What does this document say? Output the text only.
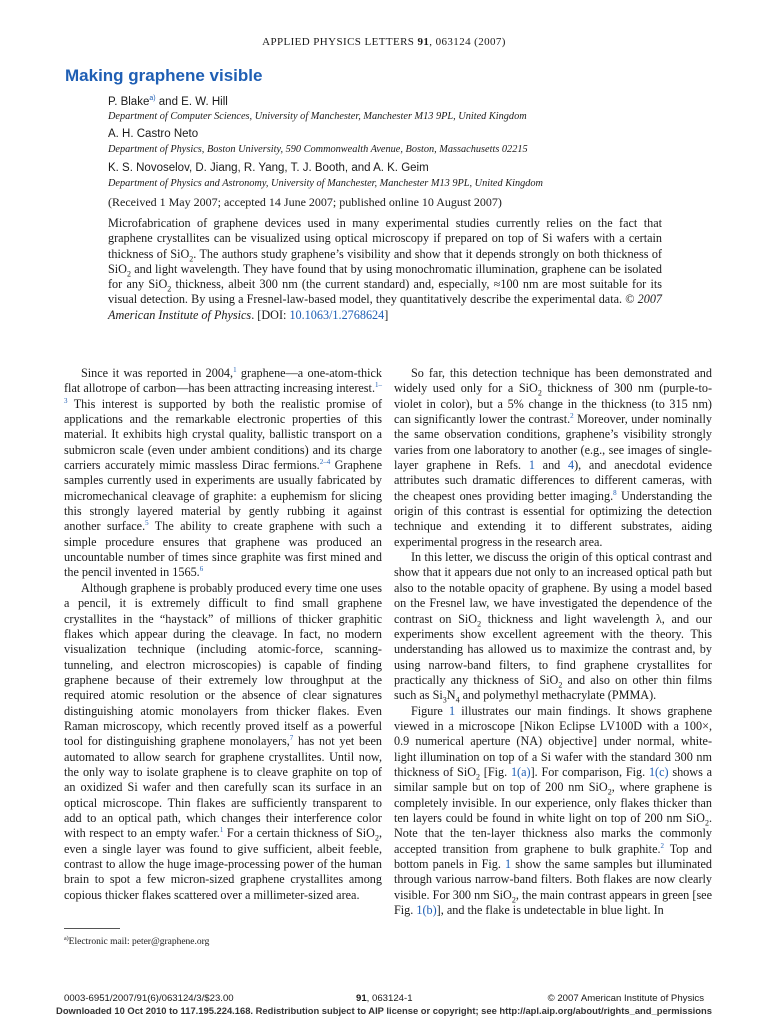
APPLIED PHYSICS LETTERS 91, 063124 (2007)
Making graphene visible
P. Blake$^{a)}$ and E. W. Hill
Department of Computer Sciences, University of Manchester, Manchester M13 9PL, United Kingdom
A. H. Castro Neto
Department of Physics, Boston University, 590 Commonwealth Avenue, Boston, Massachusetts 02215
K. S. Novoselov, D. Jiang, R. Yang, T. J. Booth, and A. K. Geim
Department of Physics and Astronomy, University of Manchester, Manchester M13 9PL, United Kingdom
(Received 1 May 2007; accepted 14 June 2007; published online 10 August 2007)
Microfabrication of graphene devices used in many experimental studies currently relies on the fact that graphene crystallites can be visualized using optical microscopy if prepared on top of Si wafers with a certain thickness of SiO$_2$. The authors study graphene’s visibility and show that it depends strongly on both thickness of SiO$_2$ and light wavelength. They have found that by using monochromatic illumination, graphene can be isolated for any SiO$_2$ thickness, albeit 300 nm (the current standard) and, especially, ≈100 nm are most suitable for its visual detection. By using a Fresnel-law-based model, they quantitatively describe the experimental data. © 2007 American Institute of Physics. [DOI: 10.1063/1.2768624]

Since it was reported in 2004,$^1$ graphene—a one-atom-thick flat allotrope of carbon—has been attracting increasing interest.$^{1-3}$ This interest is supported by both the realistic promise of applications and the remarkable electronic properties of this material. It exhibits high crystal quality, ballistic transport on a submicron scale (even under ambient conditions) and its charge carriers accurately mimic massless Dirac fermions.$^{2-4}$ Graphene samples currently used in experiments are usually fabricated by micromechanical cleavage of graphite: a euphemism for slicing this strongly layered material by gently rubbing it against another surface.$^5$ The ability to create graphene with such a simple procedure ensures that graphene was produced an uncountable number of times since graphite was first mined and the pencil invented in 1565.$^6$

Although graphene is probably produced every time one uses a pencil, it is extremely difficult to find small graphene crystallites in the “haystack” of millions of thicker graphitic flakes which appear during the cleavage. In fact, no modern visualization technique (including atomic-force, scanning-tunneling, and electron microscopies) is capable of finding graphene because of their extremely low throughput at the required atomic resolution or the absence of clear signatures distinguishing atomic monolayers from thicker flakes. Even Raman microscopy, which recently proved itself as a powerful tool for distinguishing graphene monolayers,$^7$ has not yet been automated to allow search for graphene crystallites. Until now, the only way to isolate graphene is to cleave graphite on top of an oxidized Si wafer and then carefully scan its surface in an optical microscope. Thin flakes are sufficiently transparent to add to an optical path, which changes their interference color with respect to an empty wafer.$^1$ For a certain thickness of SiO$_2$, even a single layer was found to give sufficient, albeit feeble, contrast to allow the huge image-processing power of the human brain to spot a few micron-sized graphene crystallites among copious thicker flakes scattered over a millimeter-sized area.

So far, this detection technique has been demonstrated and widely used only for a SiO$_2$ thickness of 300 nm (purple-to-violet in color), but a 5% change in the thickness (to 315 nm) can significantly lower the contrast.$^2$ Moreover, under nominally the same observation conditions, graphene’s visibility strongly varies from one laboratory to another (e.g., see images of single-layer graphene in Refs. 1 and 4), and anecdotal evidence attributes such dramatic differences to different cameras, with the cheapest ones providing better imaging.$^8$ Understanding the origin of this contrast is essential for optimizing the detection technique and extending it to different substrates, aiding experimental progress in the research area.

In this letter, we discuss the origin of this optical contrast and show that it appears due not only to an increased optical path but also to the notable opacity of graphene. By using a model based on the Fresnel law, we have investigated the dependence of the contrast on SiO$_2$ thickness and light wavelength λ, and our experiments show excellent agreement with the theory. This understanding has allowed us to maximize the contrast and, by using narrow-band filters, to find graphene crystallites for practically any thickness of SiO$_2$ and also on other thin films such as $Si_3N_4$ and polymethyl methacrylate (PMMA).

Figure 1 illustrates our main findings. It shows graphene viewed in a microscope [Nikon Eclipse LV100D with a 100×, 0.9 numerical aperture (NA) objective] under normal, white-light illumination on top of a Si wafer with the standard 300 nm thickness of SiO$_2$ [Fig. 1(a)]. For comparison, Fig. 1(c) shows a similar sample but on top of 200 nm SiO$_2$, where graphene is completely invisible. In our experience, only flakes thicker than ten layers could be found in white light on top of 200 nm SiO$_2$. Note that the ten-layer thickness also marks the commonly accepted transition from graphene to bulk graphite.$^2$ Top and bottom panels in Fig. 1 show the same samples but illuminated through various narrow-band filters. Both flakes are now clearly visible. For 300 nm SiO$_2$, the main contrast appears in green [see Fig. 1(b)], and the flake is undetectable in blue light. In

$^{a)}$Electronic mail: peter@graphene.org
0003-6951/2007/91(6)/063124/3/$23.00	91, 063124-1	© 2007 American Institute of Physics
Downloaded 10 Oct 2010 to 117.195.224.168. Redistribution subject to AIP license or copyright; see http://apl.aip.org/about/rights_and_permissions
